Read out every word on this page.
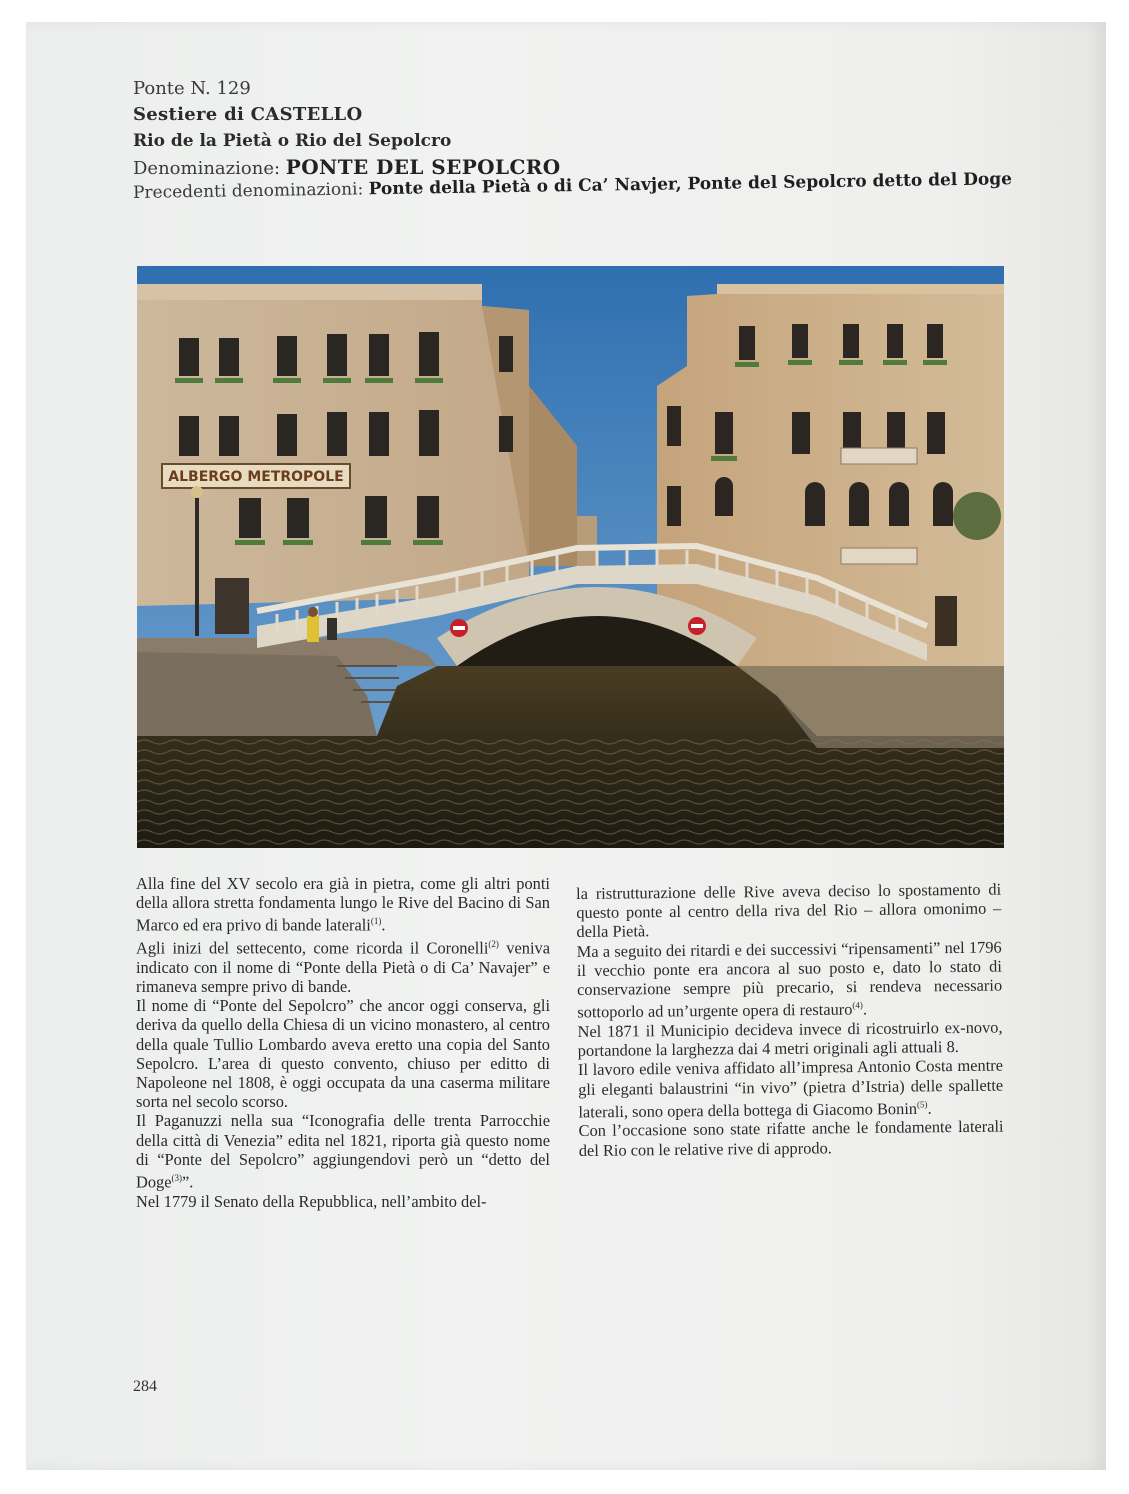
Ponte N. 129
Sestiere di CASTELLO
Rio de la Pietà o Rio del Sepolcro
Denominazione: PONTE DEL SEPOLCRO
Precedenti denominazioni: Ponte della Pietà o di Ca’ Navjer, Ponte del Sepolcro detto del Doge
ALBERGO METROPOLE

Alla fine del XV secolo era già in pietra, come gli altri ponti della allora stretta fondamenta lungo le Rive del Bacino di San Marco ed era privo di bande laterali$^{(1)}$.

Agli inizi del settecento, come ricorda il Coronelli$^{(2)}$ veniva indicato con il nome di “Ponte della Pietà o di Ca’ Navajer” e rimaneva sempre privo di bande.

Il nome di “Ponte del Sepolcro” che ancor oggi conserva, gli deriva da quello della Chiesa di un vicino monastero, al centro della quale Tullio Lombardo aveva eretto una copia del Santo Sepolcro. L’area di questo convento, chiuso per editto di Napoleone nel 1808, è oggi occupata da una caserma militare sorta nel secolo scorso.

Il Paganuzzi nella sua “Iconografia delle trenta Parrocchie della città di Venezia” edita nel 1821, riporta già questo nome di “Ponte del Sepolcro” aggiungendovi però un “detto del Doge$^{(3)}$”.

Nel 1779 il Senato della Repubblica, nell’ambito del-

la ristrutturazione delle Rive aveva deciso lo spostamento di questo ponte al centro della riva del Rio – allora omonimo – della Pietà.

Ma a seguito dei ritardi e dei successivi “ripensamenti” nel 1796 il vecchio ponte era ancora al suo posto e, dato lo stato di conservazione sempre più precario, si rendeva necessario sottoporlo ad un’urgente opera di restauro$^{(4)}$.

Nel 1871 il Municipio decideva invece di ricostruirlo ex-novo, portandone la larghezza dai 4 metri originali agli attuali 8.

Il lavoro edile veniva affidato all’impresa Antonio Costa mentre gli eleganti balaustrini “in vivo” (pietra d’Istria) delle spallette laterali, sono opera della bottega di Giacomo Bonin$^{(5)}$.

Con l’occasione sono state rifatte anche le fondamente laterali del Rio con le relative rive di approdo.

284
